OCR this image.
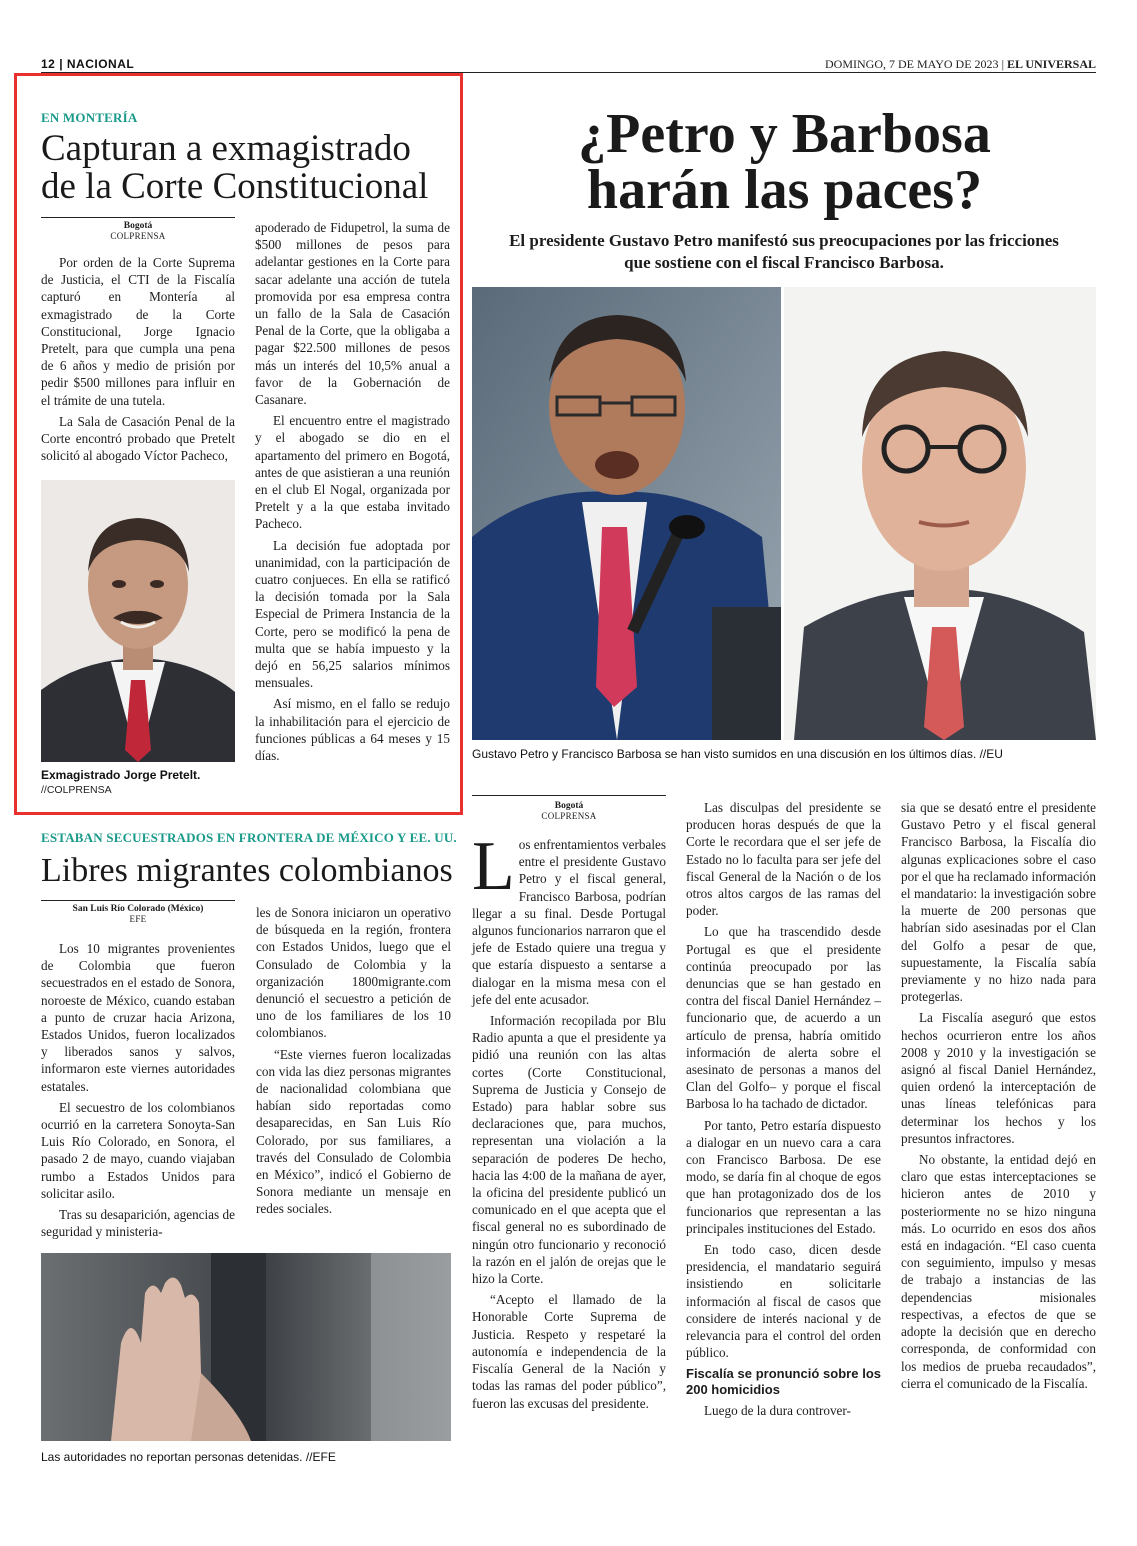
12 | NACIONAL	DOMINGO, 7 DE MAYO DE 2023 | EL UNIVERSAL
EN MONTERÍA
Capturan a exmagistrado
de la Corte Constitucional
Bogotá
COLPRENSA

Por orden de la Corte Suprema de Justicia, el CTI de la Fiscalía capturó en Montería al exmagistrado de la Corte Constitucional, Jorge Ignacio Pretelt, para que cumpla una pena de 6 años y medio de prisión por pedir $500 millones para influir en el trámite de una tutela.

La Sala de Casación Penal de la Corte encontró probado que Pretelt solicitó al abogado Víctor Pacheco,

Exmagistrado Jorge Pretelt.
//COLPRENSA

apoderado de Fidupetrol, la suma de $500 millones de pesos para adelantar gestiones en la Corte para sacar adelante una acción de tutela promovida por esa empresa contra un fallo de la Sala de Casación Penal de la Corte, que la obligaba a pagar $22.500 millones de pesos más un interés del 10,5% anual a favor de la Gobernación de Casanare.

El encuentro entre el magistrado y el abogado se dio en el apartamento del primero en Bogotá, antes de que asistieran a una reunión en el club El Nogal, organizada por Pretelt y a la que estaba invitado Pacheco.

La decisión fue adoptada por unanimidad, con la participación de cuatro conjueces. En ella se ratificó la decisión tomada por la Sala Especial de Primera Instancia de la Corte, pero se modificó la pena de multa que se había impuesto y la dejó en 56,25 salarios mínimos mensuales.

Así mismo, en el fallo se redujo la inhabilitación para el ejercicio de funciones públicas a 64 meses y 15 días.

¿Petro y Barbosa
harán las paces?
El presidente Gustavo Petro manifestó sus preocupaciones por las fricciones que sostiene con el fiscal Francisco Barbosa.
Gustavo Petro y Francisco Barbosa se han visto sumidos en una discusión en los últimos días. //EU
Bogotá
COLPRENSA

Los enfrentamientos verbales entre el presidente Gustavo Petro y el fiscal general, Francisco Barbosa, podrían llegar a su final. Desde Portugal algunos funcionarios narraron que el jefe de Estado quiere una tregua y que estaría dispuesto a sentarse a dialogar en la misma mesa con el jefe del ente acusador.

Información recopilada por Blu Radio apunta a que el presidente ya pidió una reunión con las altas cortes (Corte Constitucional, Suprema de Justicia y Consejo de Estado) para hablar sobre sus declaraciones que, para muchos, representan una violación a la separación de poderes De hecho, hacia las 4:00 de la mañana de ayer, la oficina del presidente publicó un comunicado en el que acepta que el fiscal general no es subordinado de ningún otro funcionario y reconoció la razón en el jalón de orejas que le hizo la Corte.

“Acepto el llamado de la Honorable Corte Suprema de Justicia. Respeto y respetaré la autonomía e independencia de la Fiscalía General de la Nación y todas las ramas del poder público”, fueron las excusas del presidente.

Las disculpas del presidente se producen horas después de que la Corte le recordara que el ser jefe de Estado no lo faculta para ser jefe del fiscal General de la Nación o de los otros altos cargos de las ramas del poder.

Lo que ha trascendido desde Portugal es que el presidente continúa preocupado por las denuncias que se han gestado en contra del fiscal Daniel Hernández –funcionario que, de acuerdo a un artículo de prensa, habría omitido información de alerta sobre el asesinato de personas a manos del Clan del Golfo– y porque el fiscal Barbosa lo ha tachado de dictador.

Por tanto, Petro estaría dispuesto a dialogar en un nuevo cara a cara con Francisco Barbosa. De ese modo, se daría fin al choque de egos que han protagonizado dos de los funcionarios que representan a las principales instituciones del Estado.

En todo caso, dicen desde presidencia, el mandatario seguirá insistiendo en solicitarle información al fiscal de casos que considere de interés nacional y de relevancia para el control del orden público.

Fiscalía se pronunció sobre los 200 homicidios

Luego de la dura controver-

sia que se desató entre el presidente Gustavo Petro y el fiscal general Francisco Barbosa, la Fiscalía dio algunas explicaciones sobre el caso por el que ha reclamado información el mandatario: la investigación sobre la muerte de 200 personas que habrían sido asesinadas por el Clan del Golfo a pesar de que, supuestamente, la Fiscalía sabía previamente y no hizo nada para protegerlas.

La Fiscalía aseguró que estos hechos ocurrieron entre los años 2008 y 2010 y la investigación se asignó al fiscal Daniel Hernández, quien ordenó la interceptación de unas líneas telefónicas para determinar los hechos y los presuntos infractores.

No obstante, la entidad dejó en claro que estas interceptaciones se hicieron antes de 2010 y posteriormente no se hizo ninguna más. Lo ocurrido en esos dos años está en indagación. “El caso cuenta con seguimiento, impulso y mesas de trabajo a instancias de las dependencias misionales respectivas, a efectos de que se adopte la decisión que en derecho corresponda, de conformidad con los medios de prueba recaudados”, cierra el comunicado de la Fiscalía.

ESTABAN SECUESTRADOS EN FRONTERA DE MÉXICO Y EE. UU.
Libres migrantes colombianos
San Luis Río Colorado (México)
EFE

Los 10 migrantes provenientes de Colombia que fueron secuestrados en el estado de Sonora, noroeste de México, cuando estaban a punto de cruzar hacia Arizona, Estados Unidos, fueron localizados y liberados sanos y salvos, informaron este viernes autoridades estatales.

El secuestro de los colombianos ocurrió en la carretera Sonoyta-San Luis Río Colorado, en Sonora, el pasado 2 de mayo, cuando viajaban rumbo a Estados Unidos para solicitar asilo.

Tras su desaparición, agencias de seguridad y ministeria-

les de Sonora iniciaron un operativo de búsqueda en la región, frontera con Estados Unidos, luego que el Consulado de Colombia y la organización 1800migrante.com denunció el secuestro a petición de uno de los familiares de los 10 colombianos.

“Este viernes fueron localizadas con vida las diez personas migrantes de nacionalidad colombiana que habían sido reportadas como desaparecidas, en San Luis Río Colorado, por sus familiares, a través del Consulado de Colombia en México”, indicó el Gobierno de Sonora mediante un mensaje en redes sociales.

Las autoridades no reportan personas detenidas. //EFE
